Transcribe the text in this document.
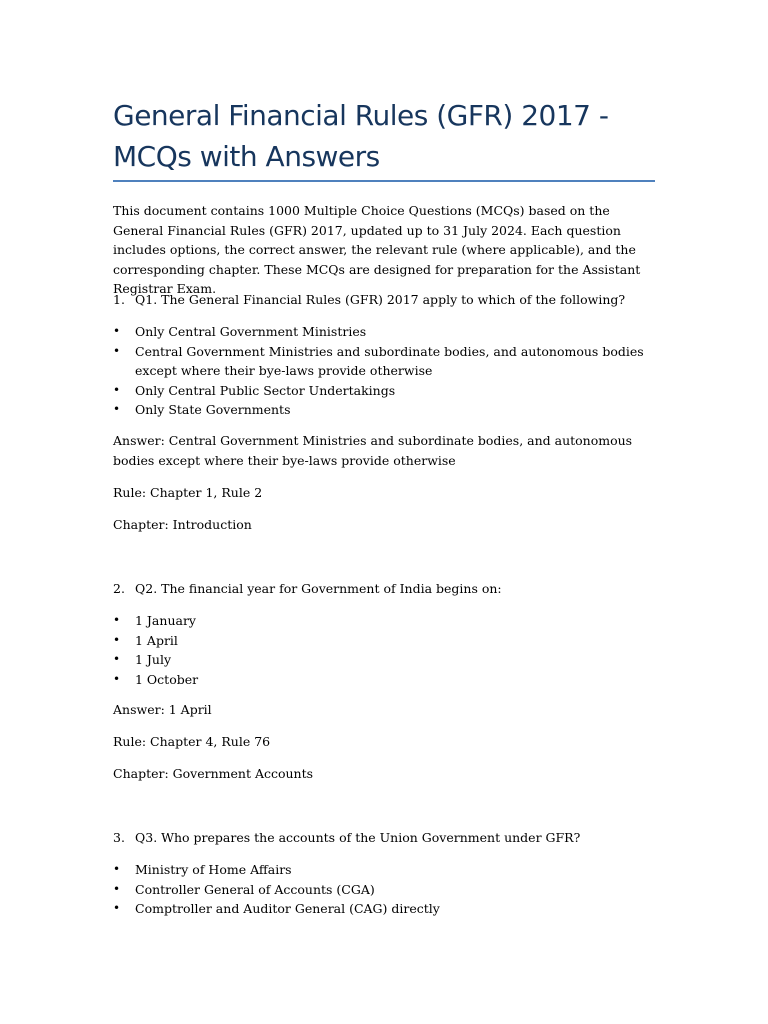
General Financial Rules (GFR) 2017 - MCQs with Answers
This document contains 1000 Multiple Choice Questions (MCQs) based on the General Financial Rules (GFR) 2017, updated up to 31 July 2024. Each question includes options, the correct answer, the relevant rule (where applicable), and the corresponding chapter. These MCQs are designed for preparation for the Assistant Registrar Exam.
1. Q1. The General Financial Rules (GFR) 2017 apply to which of the following?
• Only Central Government Ministries
• Central Government Ministries and subordinate bodies, and autonomous bodies except where their bye-laws provide otherwise
• Only Central Public Sector Undertakings
• Only State Governments
Answer: Central Government Ministries and subordinate bodies, and autonomous bodies except where their bye-laws provide otherwise
Rule: Chapter 1, Rule 2
Chapter: Introduction
2. Q2. The financial year for Government of India begins on:
• 1 January
• 1 April
• 1 July
• 1 October
Answer: 1 April
Rule: Chapter 4, Rule 76
Chapter: Government Accounts
3. Q3. Who prepares the accounts of the Union Government under GFR?
• Ministry of Home Affairs
• Controller General of Accounts (CGA)
• Comptroller and Auditor General (CAG) directly
